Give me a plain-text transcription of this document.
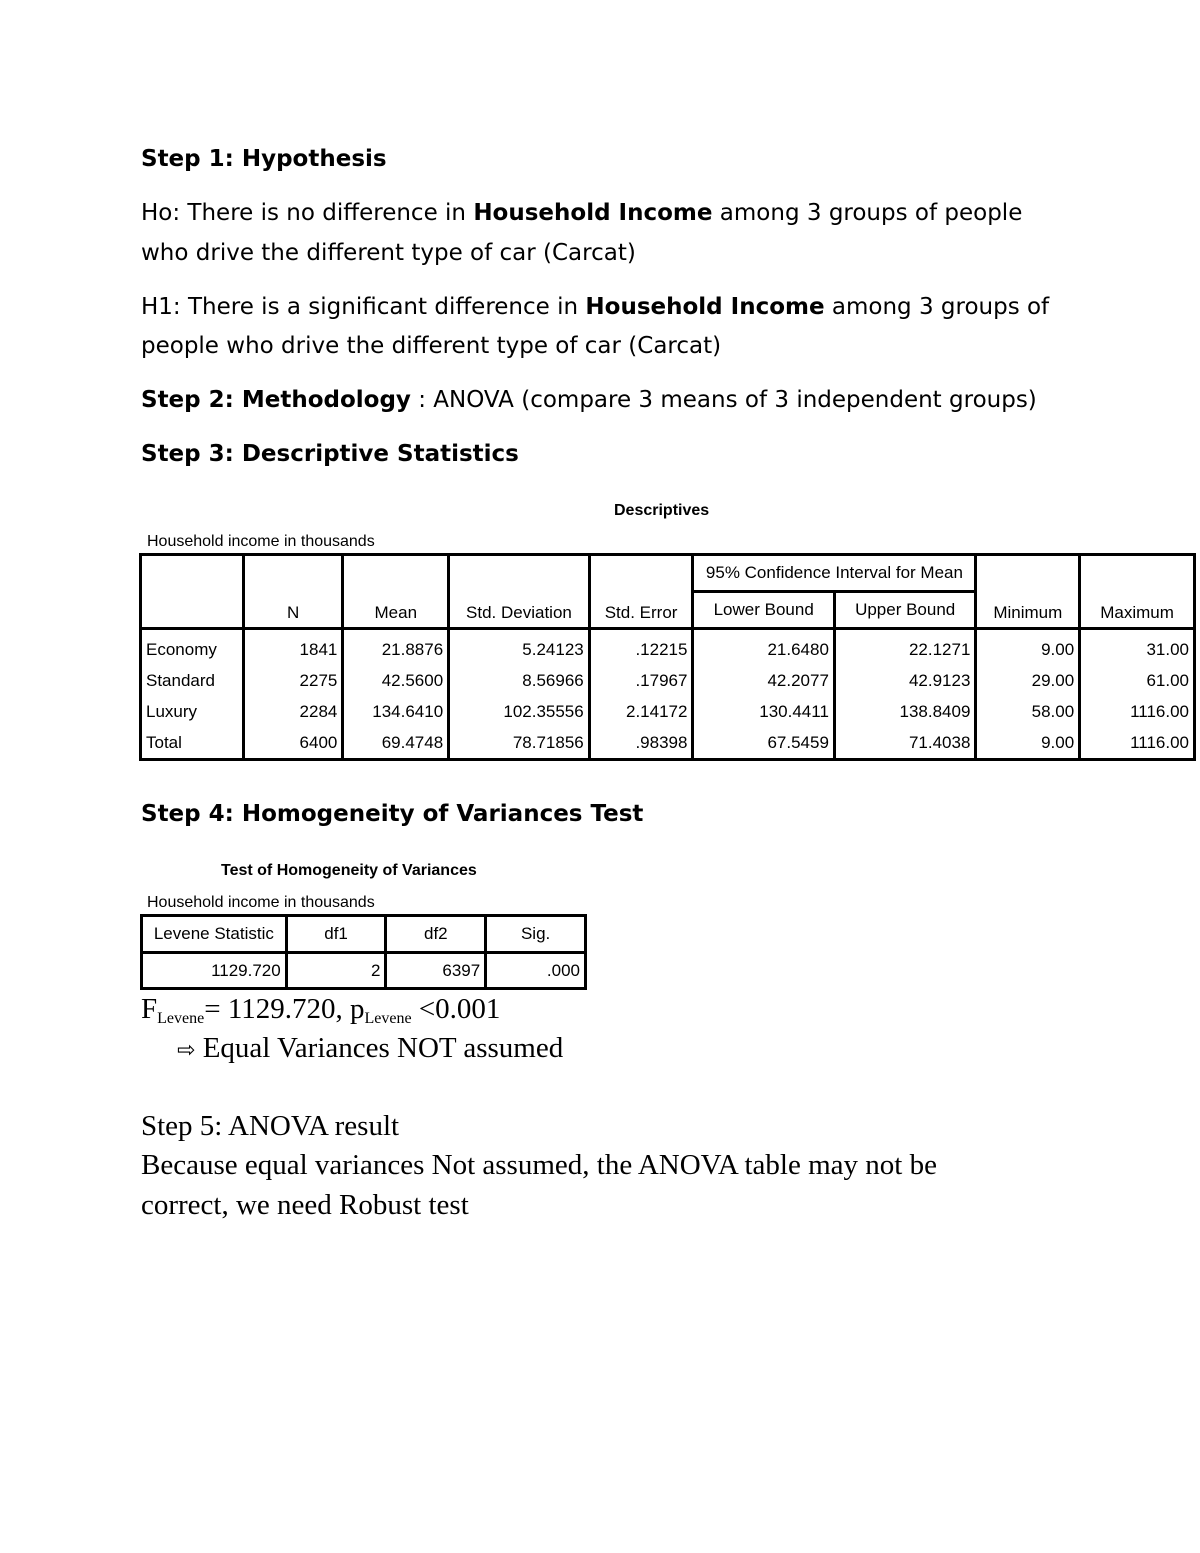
Step 1: Hypothesis
Ho: There is no difference in Household Income among 3 groups of people
who drive the different type of car (Carcat)
H1: There is a significant difference in Household Income among 3 groups of
people who drive the different type of car (Carcat)
Step 2: Methodology : ANOVA (compare 3 means of 3 independent groups)
Step 3: Descriptive Statistics
Descriptives
Household income in thousands
	N	Mean	Std. Deviation	Std. Error	95% Confidence Interval for Mean		Minimum	Maximum
					Lower Bound	Upper Bound		
Economy	1841	21.8876	5.24123	.12215	21.6480	22.1271	9.00	31.00
Standard	2275	42.5600	8.56966	.17967	42.2077	42.9123	29.00	61.00
Luxury	2284	134.6410	102.35556	2.14172	130.4411	138.8409	58.00	1116.00
Total	6400	69.4748	78.71856	.98398	67.5459	71.4038	9.00	1116.00
Step 4: Homogeneity of Variances Test
Test of Homogeneity of Variances
Household income in thousands
Levene Statistic	df1	df2	Sig.
1129.720	2	6397	.000
$F_{Levene}= 1129.720$, $p_{Levene} <0.001$
⇨ Equal Variances NOT assumed
Step 5: ANOVA result
Because equal variances Not assumed, the ANOVA table may not be
correct, we need Robust test
